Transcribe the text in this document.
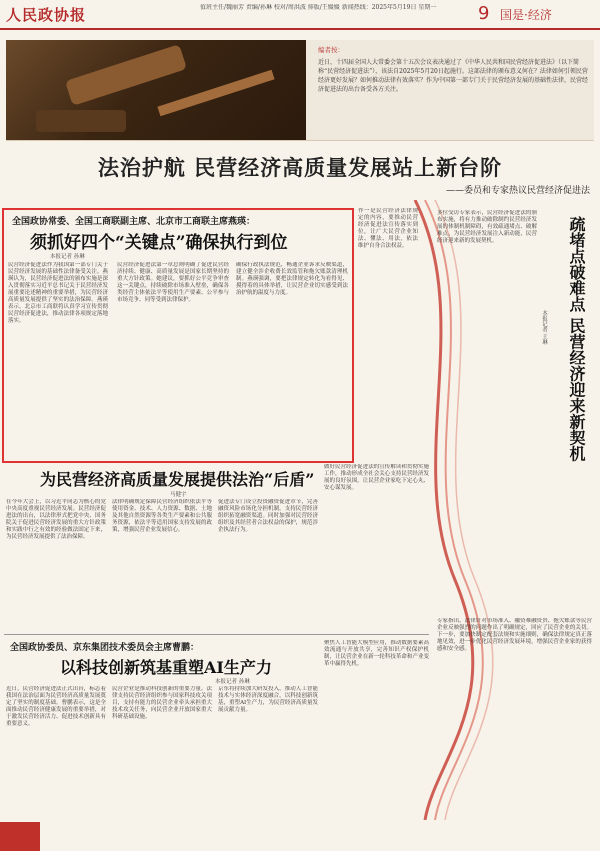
人民政协报	值班主任/魏丽芳 责编/孙琳 校对/周洪波 排版/王媛媛 新闻热线：2025年5月19日 星期一	9 国是·经济
编者按：
近日，十四届全国人大常委会第十五次会议表决通过了《中华人民共和国民营经济促进法》（以下简称“民营经济促进法”），该法自2025年5月20日起施行。这部法律的颁布意义何在？法律如何引领民营经济更好发展？如何推动法律有效落实？作为中国第一部专门关于民营经济发展的基础性法律，民营经济促进法的出台备受各方关注。
法治护航 民营经济高质量发展站上新台阶
——委员和专家热议民营经济促进法
全国政协常委、全国工商联副主席、北京市工商联主席燕瑛：
须抓好四个“关键点”确保执行到位
本报记者 孙琳
民营经济促进法作为我国第一部专门关于民营经济发展的基础性法律备受关注。燕瑛认为，民营经济促进法的颁布实施是深入贯彻落实习近平总书记关于民营经济发展重要论述精神的重要举措，为民营经济高质量发展提供了坚实的法治保障。燕瑛表示，北京市工商联将认真学习宣传贯彻民营经济促进法，推动法律各项规定落地落实。
民营经济促进法第一章总则明确了促进民营经济持续、健康、高质量发展是国家长期坚持的重大方针政策。她建议，要抓好公平竞争审查这一关键点，持续破除市场准入壁垒，确保各类经营主体依法平等使用生产要素、公平参与市场竞争、同等受到法律保护。
确保行政执法规范，畅通企业诉求反映渠道，建立健全涉企收费长效监管和拖欠账款清理机制。燕瑛强调，要把法律规定转化为看得见、摸得着的具体举措，让民营企业切实感受到法治护航的温度与力度。
作一是民营经济法律规定的内容，要推动民营经济促进法宣传落实到位，让广大民营企业知法、懂法、用法，依法维护自身合法权益。	疏堵点破难点 民营经济迎来新契机
本报记者 王琳
多位受访专家表示，民营经济促进法的颁布实施，将有力推动破除制约民营经济发展的体制机制障碍，有效疏通堵点、破解难点，为民营经济发展注入新动能，民营经济迎来新的发展契机。
专家指出，法律针对市场准入、融资难融资贵、拖欠账款等民营企业反映强烈的问题作出了明确规定，回应了民营企业的关切。下一步，要加快制定配套法规和实施细则，确保法律规定真正落地见效，进一步优化民营经济发展环境，增强民营企业家的获得感和安全感。
为民营经济高质量发展提供法治“后盾”
马健宇
在今年大会上，以习近平同志为核心的党中央高度重视民营经济发展。民营经济促进法的出台，以法律形式把党中央、国务院关于促进民营经济发展的重大方针政策和实践中行之有效的经验做法固定下来，为民营经济发展提供了法治保障。
法律明确规定保障民营经济组织依法平等使用资金、技术、人力资源、数据、土地及其他自然资源等各类生产要素和公共服务资源，依法平等适用国家支持发展的政策，增强民营企业发展信心。
促进法专门设立投资融资促进章节，完善融资风险市场化分担机制，支持民营经济组织拓宽融资渠道。同时加强对民营经济组织及其经营者合法权益的保护，规范涉企执法行为。
做好民营经济促进法的宣传解读和贯彻实施工作，推动形成全社会关心支持民营经济发展的良好氛围，让民营企业家吃下定心丸、安心谋发展。
全国政协委员、京东集团技术委员会主席曹鹏：
以科技创新筑基重塑AI生产力
本报记者 孙琳
近日，民营经济促进法正式出台，标志着我国在法治层面为民营经济高质量发展奠定了坚实的制度基础。曹鹏表示，这是全面推动民营经济健康发展的重要举措，对于激发民营经济活力、促进技术创新具有重要意义。
民营企业是推动科技创新的重要力量。法律支持民营经济组织参与国家科技攻关项目，支持有能力的民营企业牵头承担重大技术攻关任务，向民营企业开放国家重大科研基础设施。
京东将持续加大研发投入，推动人工智能技术与实体经济深度融合，以科技创新筑基，重塑AI生产力，为民营经济高质量发展贡献力量。
聚焦人工智能大模型应用，推动数据要素高效流通与开放共享，完善知识产权保护机制，让民营企业在新一轮科技革命和产业变革中赢得先机。
